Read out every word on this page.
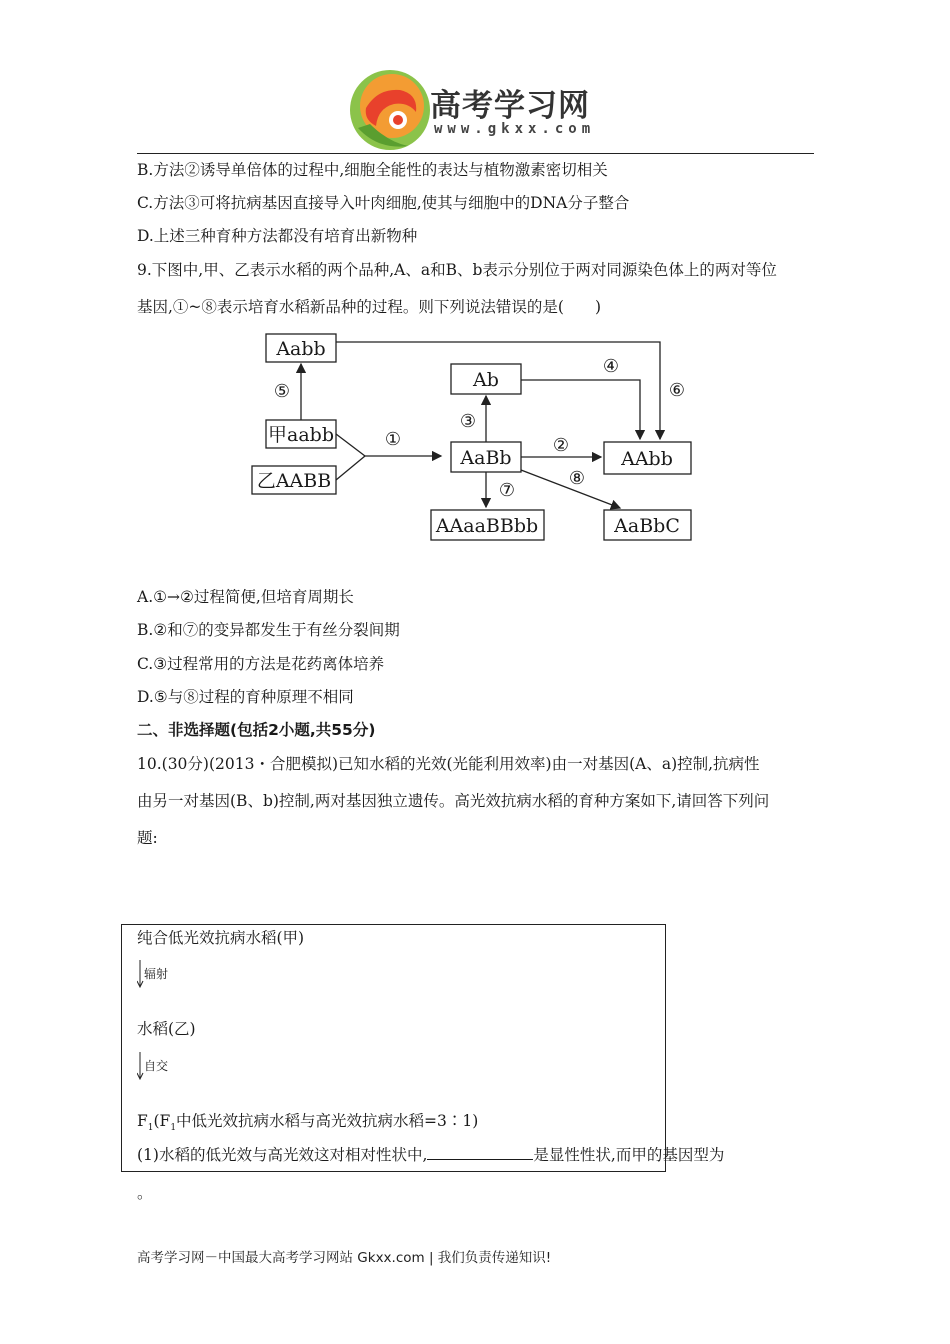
高考学习网
www.gkxx.com
B.方法②诱导单倍体的过程中,细胞全能性的表达与植物激素密切相关
C.方法③可将抗病基因直接导入叶肉细胞,使其与细胞中的DNA分子整合
D.上述三种育种方法都没有培育出新物种
9.下图中,甲、乙表示水稻的两个品种,A、a和B、b表示分别位于两对同源染色体上的两对等位
基因,①~⑧表示培育水稻新品种的过程。则下列说法错误的是(　　)
Aabb
甲aabb
乙AABB
Ab
AaBb	AAbb
AAaaBBbb	AaBbC
①	②
③
④
⑤	⑥
⑦
⑧
A.①→②过程简便,但培育周期长
B.②和⑦的变异都发生于有丝分裂间期
C.③过程常用的方法是花药离体培养
D.⑤与⑧过程的育种原理不相同
二、非选择题(包括2小题,共55分)
10.(30分)(2013・合肥模拟)已知水稻的光效(光能利用效率)由一对基因(A、a)控制,抗病性
由另一对基因(B、b)控制,两对基因独立遗传。高光效抗病水稻的育种方案如下,请回答下列问
题:
纯合低光效抗病水稻(甲)
辐射
水稻(乙)
自交
$F_1(F_1$中低光效抗病水稻与高光效抗病水稻=3∶1)
(1)水稻的低光效与高光效这对相对性状中,	是显性性状,而甲的基因型为
。
高考学习网－中国最大高考学习网站 Gkxx.com | 我们负责传递知识!
